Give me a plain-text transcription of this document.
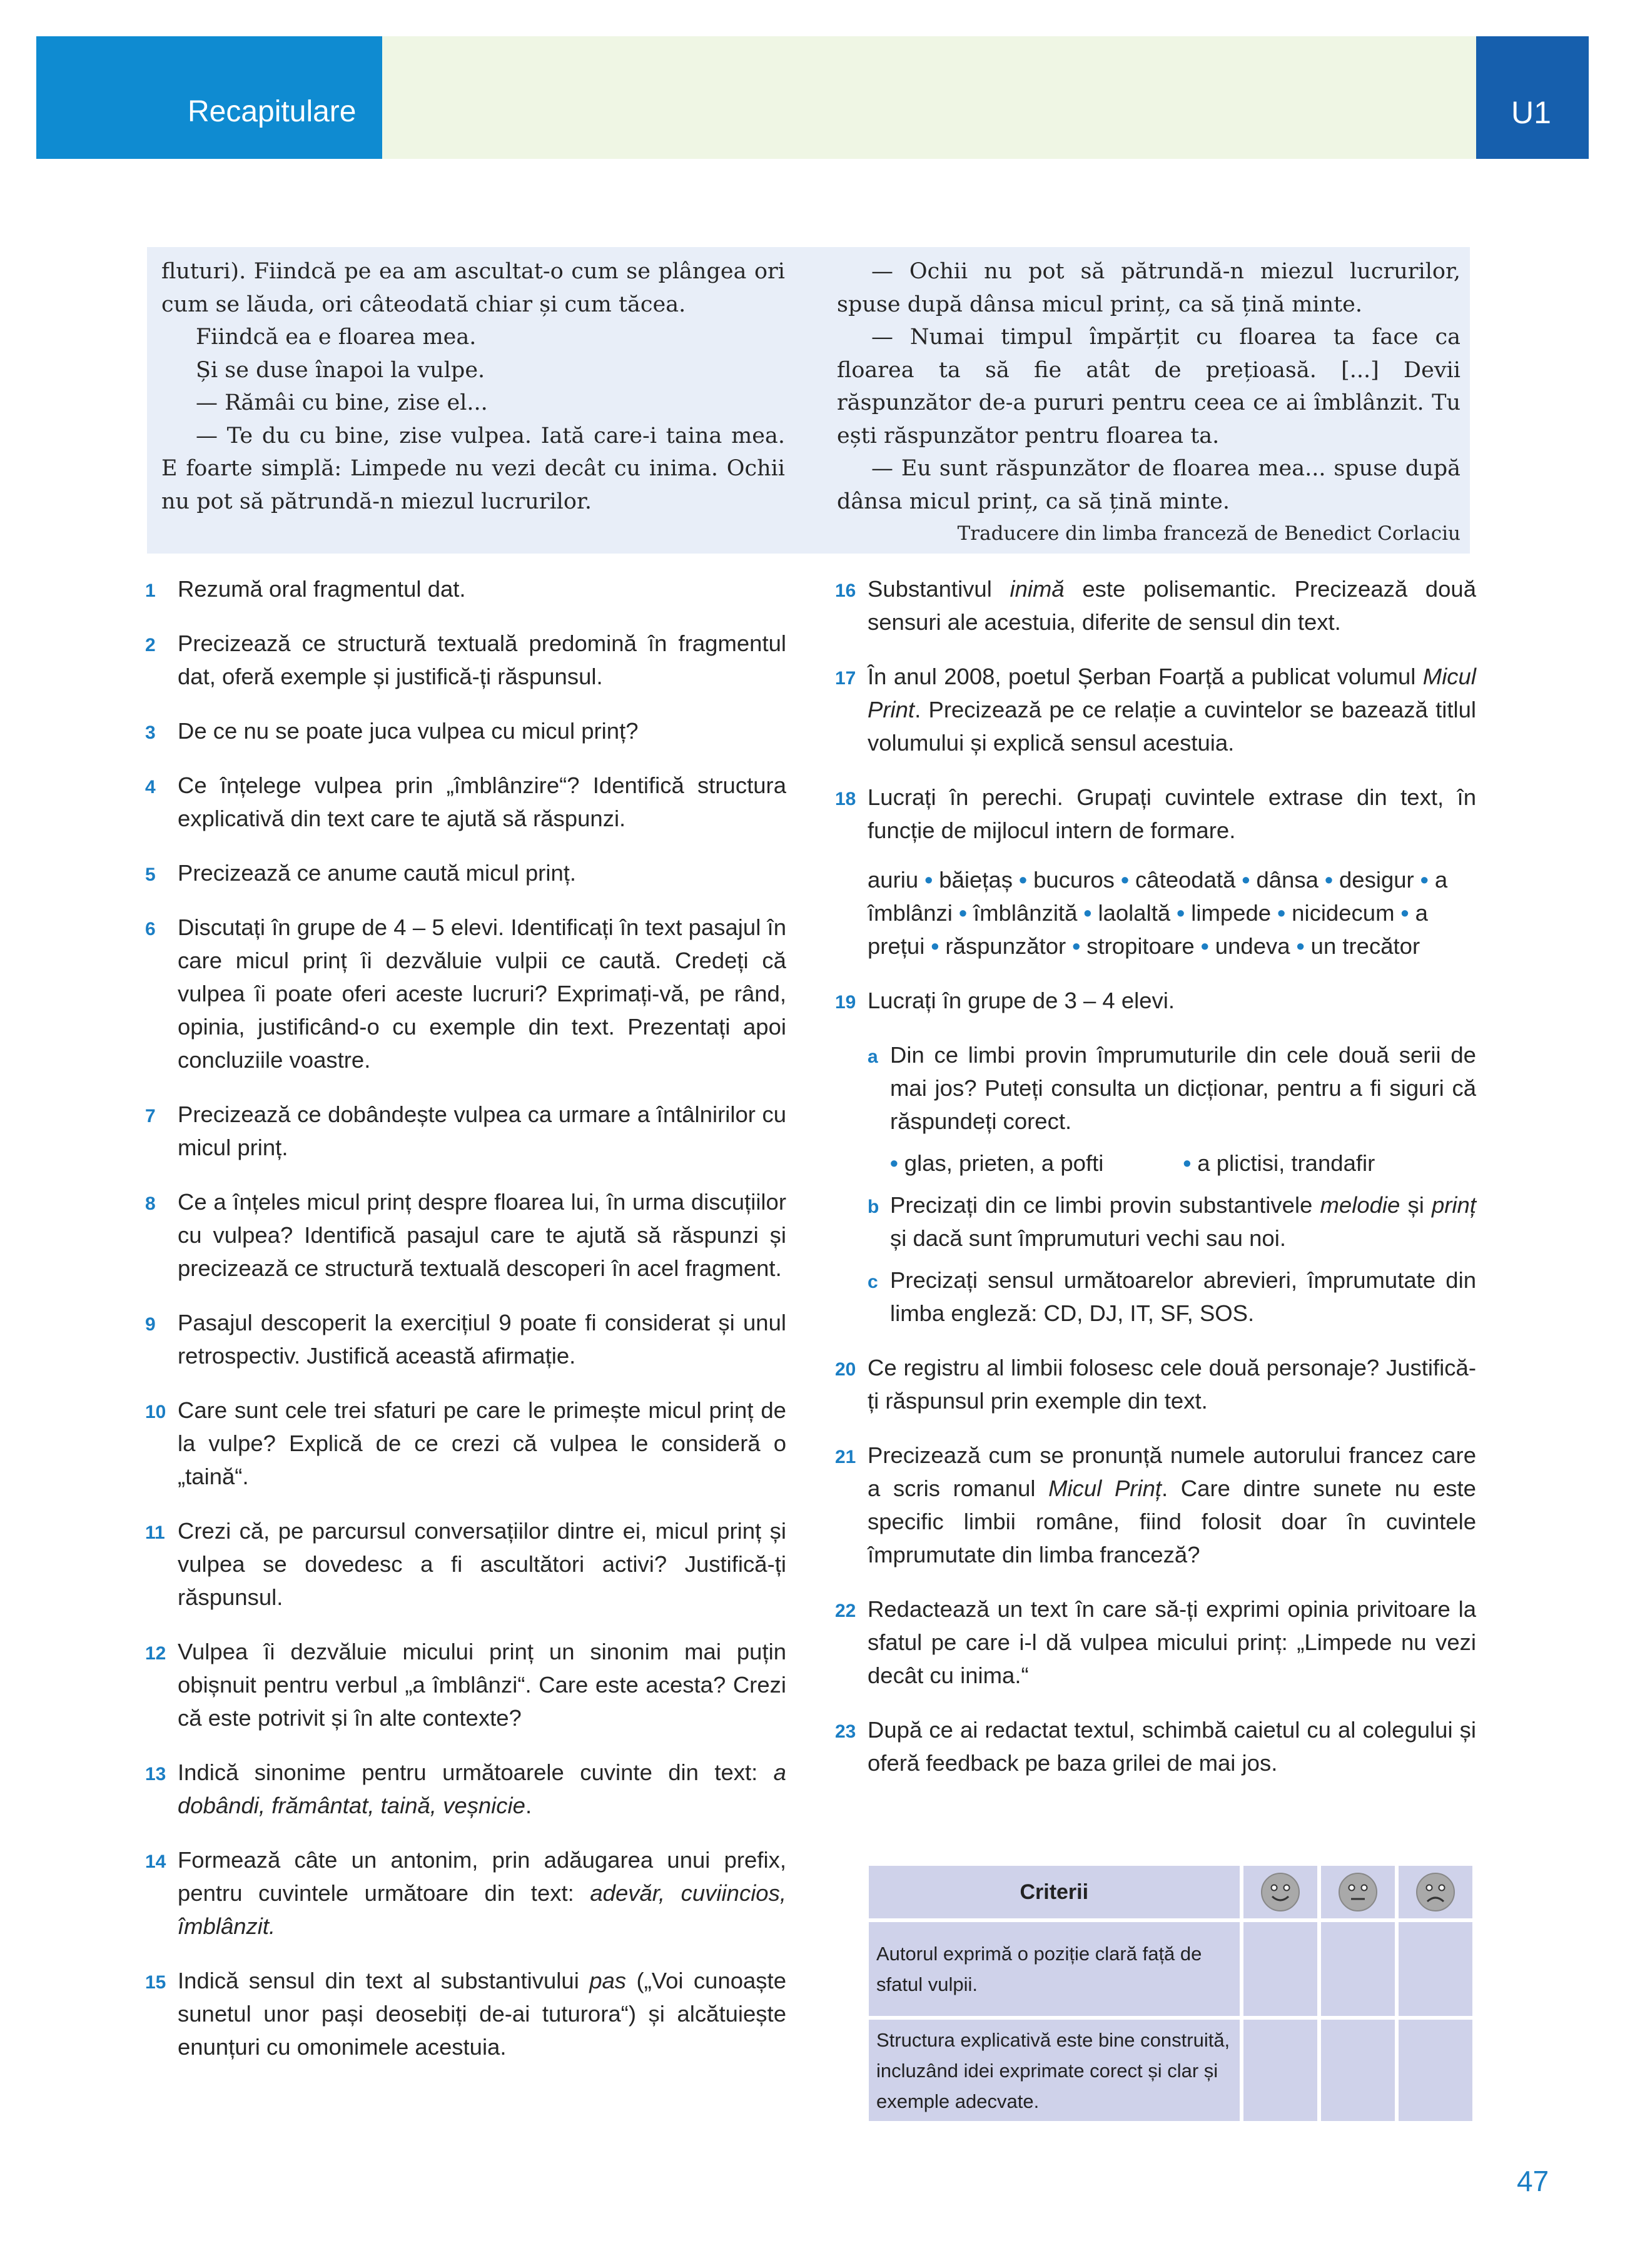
Recapitulare	U1

fluturi). Fiindcă pe ea am ascultat-o cum se plângea ori cum se lăuda, ori câteodată chiar și cum tăcea.

Fiindcă ea e floarea mea.

Și se duse înapoi la vulpe.

— Rămâi cu bine, zise el...

— Te du cu bine, zise vulpea. Iată care-i taina mea. E foarte simplă: Limpede nu vezi decât cu inima. Ochii nu pot să pătrundă-n miezul lucrurilor.

— Ochii nu pot să pătrundă-n miezul lucrurilor, spuse după dânsa micul prinț, ca să țină minte.

— Numai timpul împărțit cu floarea ta face ca floarea ta să fie atât de prețioasă. [...] Devii răspunzător de-a pururi pentru ceea ce ai îmblânzit. Tu ești răspunzător pentru floarea ta.

— Eu sunt răspunzător de floarea mea... spuse după dânsa micul prinț, ca să țină minte.

Traducere din limba franceză de Benedict Corlaciu

1 Rezumă oral fragmentul dat.
2 Precizează ce structură textuală predomină în fragmentul dat, oferă exemple și justifică-ți răspunsul.
3 De ce nu se poate juca vulpea cu micul prinț?
4 Ce înțelege vulpea prin „îmblânzire“? Identifică structura explicativă din text care te ajută să răspunzi.
5 Precizează ce anume caută micul prinț.
6 Discutați în grupe de 4 – 5 elevi. Identificați în text pasajul în care micul prinț îi dezvăluie vulpii ce caută. Credeți că vulpea îi poate oferi aceste lucruri? Exprimați-vă, pe rând, opinia, justificând-o cu exemple din text. Prezentați apoi concluziile voastre.
7 Precizează ce dobândește vulpea ca urmare a întâlnirilor cu micul prinț.
8 Ce a înțeles micul prinț despre floarea lui, în urma discuțiilor cu vulpea? Identifică pasajul care te ajută să răspunzi și precizează ce structură textuală descoperi în acel fragment.
9 Pasajul descoperit la exercițiul 9 poate fi considerat și unul retrospectiv. Justifică această afirmație.
10 Care sunt cele trei sfaturi pe care le primește micul prinț de la vulpe? Explică de ce crezi că vulpea le consideră o „taină“.
11 Crezi că, pe parcursul conversațiilor dintre ei, micul prinț și vulpea se dovedesc a fi ascultători activi? Justifică-ți răspunsul.
12 Vulpea îi dezvăluie micului prinț un sinonim mai puțin obișnuit pentru verbul „a îmblânzi“. Care este acesta? Crezi că este potrivit și în alte contexte?
13 Indică sinonime pentru următoarele cuvinte din text: a dobândi, frământat, taină, veșnicie.
14 Formează câte un antonim, prin adăugarea unui prefix, pentru cuvintele următoare din text: adevăr, cuviincios, îmblânzit.
15 Indică sensul din text al substantivului pas („Voi cunoaște sunetul unor pași deosebiți de-ai tuturora“) și alcătuiește enunțuri cu omonimele acestuia.
16 Substantivul inimă este polisemantic. Precizează două sensuri ale acestuia, diferite de sensul din text.
17 În anul 2008, poetul Șerban Foarță a publicat volumul Micul Print. Precizează pe ce relație a cuvintelor se bazează titlul volumului și explică sensul acestuia.
18 Lucrați în perechi. Grupați cuvintele extrase din text, în funcție de mijlocul intern de formare.
auriu • băiețaș • bucuros • câteodată • dânsa • desigur • a îmblânzi • îmblânzită • laolaltă • limpede • nicidecum • a prețui • răspunzător • stropitoare • undeva • un trecător
19 Lucrați în grupe de 3 – 4 elevi.
a Din ce limbi provin împrumuturile din cele două serii de mai jos? Puteți consulta un dicționar, pentru a fi siguri că răspundeți corect.
• glas, prieten, a pofti	• a plictisi, trandafir
b Precizați din ce limbi provin substantivele melodie și prinț și dacă sunt împrumuturi vechi sau noi.
c Precizați sensul următoarelor abrevieri, împrumutate din limba engleză: CD, DJ, IT, SF, SOS.
20 Ce registru al limbii folosesc cele două personaje? Justifică-ți răspunsul prin exemple din text.
21 Precizează cum se pronunță numele autorului francez care a scris romanul Micul Prinț. Care dintre sunete nu este specific limbii române, fiind folosit doar în cuvintele împrumutate din limba franceză?
22 Redactează un text în care să-ți exprimi opinia privitoare la sfatul pe care i-l dă vulpea micului prinț: „Limpede nu vezi decât cu inima.“
23 După ce ai redactat textul, schimbă caietul cu al colegului și oferă feedback pe baza grilei de mai jos.
Criterii			
Autorul exprimă o poziție clară față de sfatul vulpii.			
Structura explicativă este bine construită, incluzând idei exprimate corect și clar și exemple adecvate.			
47
